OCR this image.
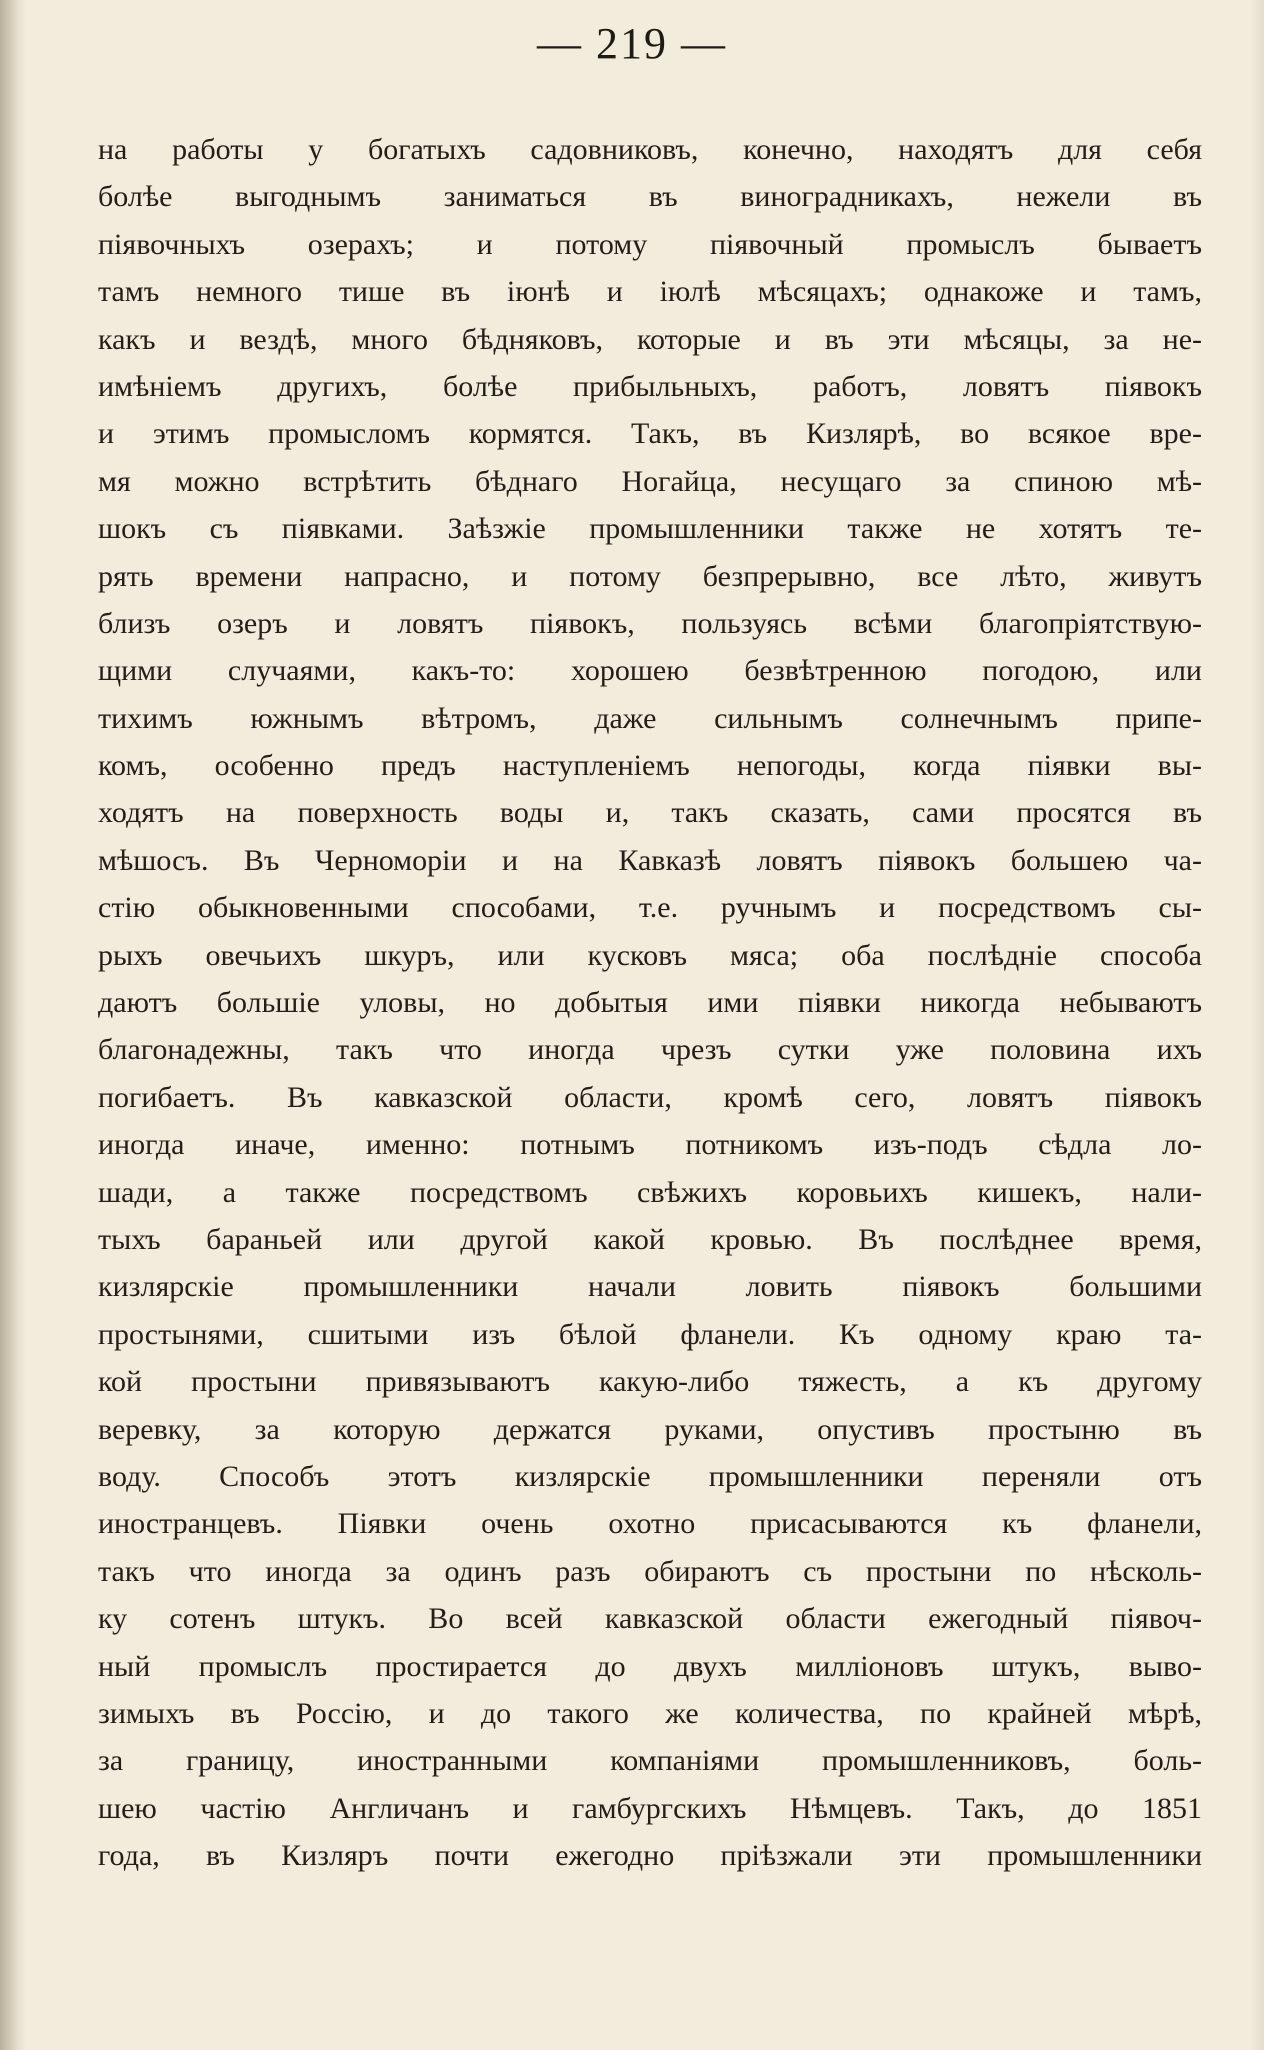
— 219 —
на работы у богатыхъ садовниковъ, конечно, находятъ для себя
болѣе выгоднымъ заниматься въ виноградникахъ, нежели въ
піявочныхъ озерахъ; и потому піявочный промыслъ бываетъ
тамъ немного тише въ іюнѣ и іюлѣ мѣсяцахъ; однакоже и тамъ,
какъ и вездѣ, много бѣдняковъ, которые и въ эти мѣсяцы, за не-
имѣніемъ другихъ, болѣе прибыльныхъ, работъ, ловятъ піявокъ
и этимъ промысломъ кормятся. Такъ, въ Кизлярѣ, во всякое вре-
мя можно встрѣтить бѣднаго Ногайца, несущаго за спиною мѣ-
шокъ съ піявками. Заѣзжіе промышленники также не хотятъ те-
рять времени напрасно, и потому безпрерывно, все лѣто, живутъ
близъ озеръ и ловятъ піявокъ, пользуясь всѣми благопріятствую-
щими случаями, какъ-то: хорошею безвѣтренною погодою, или
тихимъ южнымъ вѣтромъ, даже сильнымъ солнечнымъ припе-
комъ, особенно предъ наступленіемъ непогоды, когда піявки вы-
ходятъ на поверхность воды и, такъ сказать, сами просятся въ
мѣшосъ. Въ Черноморіи и на Кавказѣ ловятъ піявокъ большею ча-
стію обыкновенными способами, т.е. ручнымъ и посредствомъ сы-
рыхъ овечьихъ шкуръ, или кусковъ мяса; оба послѣдніе способа
даютъ большіе уловы, но добытыя ими піявки никогда небываютъ
благонадежны, такъ что иногда чрезъ сутки уже половина ихъ
погибаетъ. Въ кавказской области, кромѣ сего, ловятъ піявокъ
иногда иначе, именно: потнымъ потникомъ изъ-подъ сѣдла ло-
шади, а также посредствомъ свѣжихъ коровьихъ кишекъ, нали-
тыхъ бараньей или другой какой кровью. Въ послѣднее время,
кизлярскіе промышленники начали ловить піявокъ большими
простынями, сшитыми изъ бѣлой фланели. Къ одному краю та-
кой простыни привязываютъ какую-либо тяжесть, а къ другому
веревку, за которую держатся руками, опустивъ простыню въ
воду. Способъ этотъ кизлярскіе промышленники переняли отъ
иностранцевъ. Піявки очень охотно присасываются къ фланели,
такъ что иногда за одинъ разъ обираютъ съ простыни по нѣсколь-
ку сотенъ штукъ. Во всей кавказской области ежегодный піявоч-
ный промыслъ простирается до двухъ милліоновъ штукъ, выво-
зимыхъ въ Россію, и до такого же количества, по крайней мѣрѣ,
за границу, иностранными компаніями промышленниковъ, боль-
шею частію Англичанъ и гамбургскихъ Нѣмцевъ. Такъ, до 1851
года, въ Кизляръ почти ежегодно пріѣзжали эти промышленники
